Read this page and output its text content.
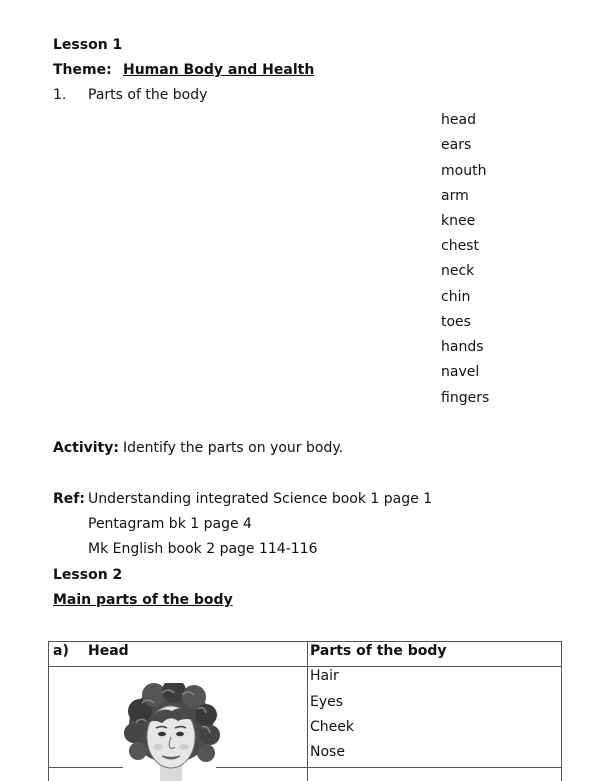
Lesson 1
Theme: Human Body and Health
1. Parts of the body
head
ears
mouth
arm
knee
chest
neck
chin
toes
hands
navel
fingers
Activity: Identify the parts on your body.
Ref: Understanding integrated Science book 1 page 1
Pentagram bk 1 page 4
Mk English book 2 page 114-116
Lesson 2
Main parts of the body
a) Head	Parts of the body
Hair
Eyes
Cheek
Nose
